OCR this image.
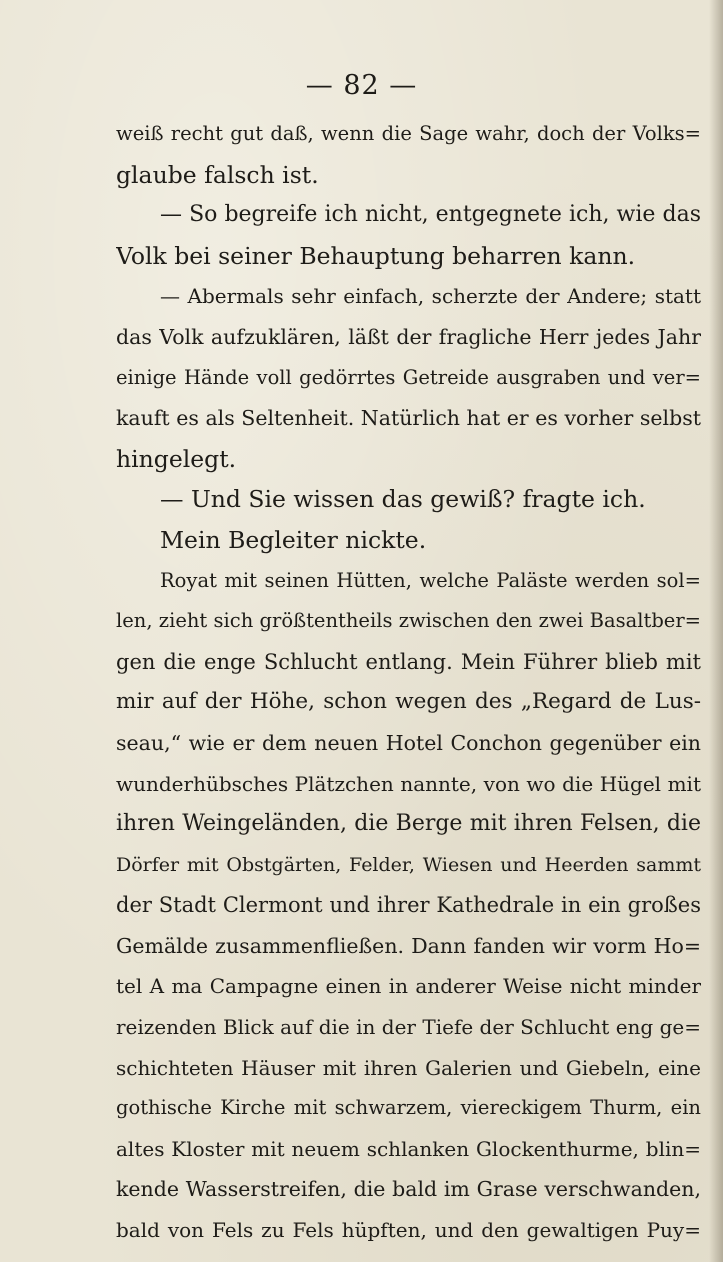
— 82 —
weiß recht gut daß, wenn die Sage wahr, doch der Volks=
glaube falsch ist.
— So begreife ich nicht, entgegnete ich, wie das
Volk bei seiner Behauptung beharren kann.
— Abermals sehr einfach, scherzte der Andere; statt
das Volk aufzuklären, läßt der fragliche Herr jedes Jahr
einige Hände voll gedörrtes Getreide ausgraben und ver=
kauft es als Seltenheit. Natürlich hat er es vorher selbst
hingelegt.
— Und Sie wissen das gewiß? fragte ich.
Mein Begleiter nickte.
Royat mit seinen Hütten, welche Paläste werden sol=
len, zieht sich größtentheils zwischen den zwei Basaltber=
gen die enge Schlucht entlang. Mein Führer blieb mit
mir auf der Höhe, schon wegen des „Regard de Lus-
seau,“ wie er dem neuen Hotel Conchon gegenüber ein
wunderhübsches Plätzchen nannte, von wo die Hügel mit
ihren Weingeländen, die Berge mit ihren Felsen, die
Dörfer mit Obstgärten, Felder, Wiesen und Heerden sammt
der Stadt Clermont und ihrer Kathedrale in ein großes
Gemälde zusammenfließen. Dann fanden wir vorm Ho=
tel A ma Campagne einen in anderer Weise nicht minder
reizenden Blick auf die in der Tiefe der Schlucht eng ge=
schichteten Häuser mit ihren Galerien und Giebeln, eine
gothische Kirche mit schwarzem, viereckigem Thurm, ein
altes Kloster mit neuem schlanken Glockenthurme, blin=
kende Wasserstreifen, die bald im Grase verschwanden,
bald von Fels zu Fels hüpften, und den gewaltigen Puy=
